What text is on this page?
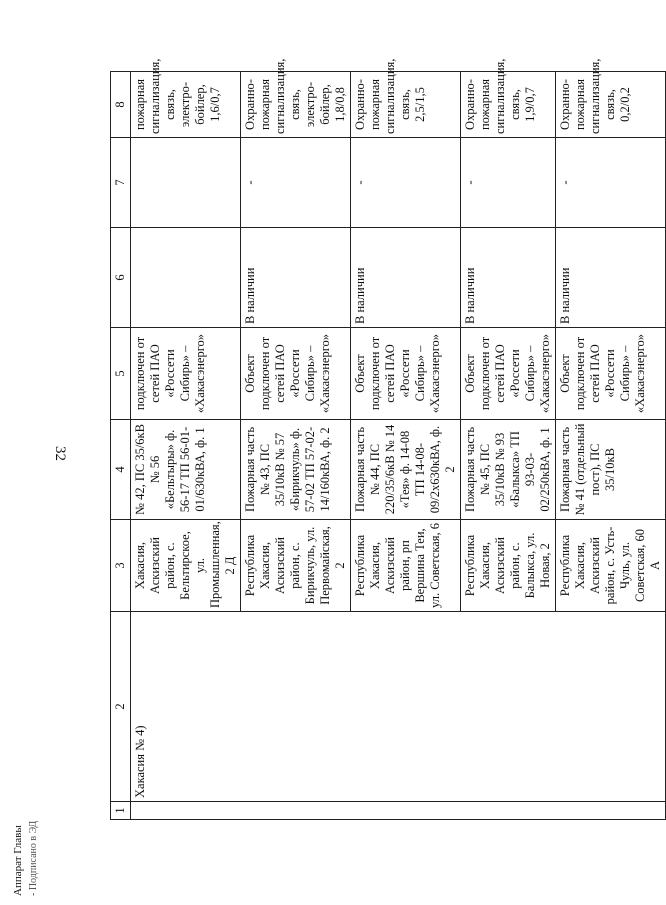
32
Аппарат Главы - Подписано в ЭД
1	2	3	4	5	6	7	8
	Хакасия № 4)	Хакасия, Аскизский район, с. Бельтирское, ул. Промышленная, 2 Д	№ 42, ПС 35/6кВ № 56 «Бельтыры» ф. 56-17 ТП 56-01-01/630кВА, ф. 1	подключен от сетей ПАО «Россети Сибирь» – «Хакасэнерго»			пожарная сигнализация, связь, электро-бойлер, 1,6/0,7
		Республика Хакасия, Аскизский район, с. Бирикчуль, ул. Первомайская, 2	Пожарная часть № 43, ПС 35/10кВ № 57 «Бирикчуль» ф. 57-02 ТП 57-02-14/160кВА, ф. 2	Объект подключен от сетей ПАО «Россети Сибирь» – «Хакасэнерго»	В наличии	-	Охранно-пожарная сигнализация, связь, электро-бойлер, 1,8/0,8
		Республика Хакасия, Аскизский район, рп Вершина Теи, ул. Советская, 6	Пожарная часть № 44, ПС 220/35/6кВ № 14 «Тея» ф. 14-08 ТП 14-08-09/2х630кВА, ф. 2	Объект подключен от сетей ПАО «Россети Сибирь» – «Хакасэнерго»	В наличии	-	Охранно-пожарная сигнализация, связь, 2,5/1,5
		Республика Хакасия, Аскизский район, с. Балыкса, ул. Новая, 2	Пожарная часть № 45, ПС 35/10кВ № 93 «Балыкса» ТП 93-03-02/250кВА, ф. 1	Объект подключен от сетей ПАО «Россети Сибирь» – «Хакасэнерго»	В наличии	-	Охранно-пожарная сигнализация, связь, 1,9/0,7
		Республика Хакасия, Аскизский район, с. Усть-Чуль, ул. Советская, 60 А	Пожарная часть № 41 (отдельный пост), ПС 35/10кВ	Объект подключен от сетей ПАО «Россети Сибирь» – «Хакасэнерго»	В наличии	-	Охранно-пожарная сигнализация, связь, 0,2/0,2
